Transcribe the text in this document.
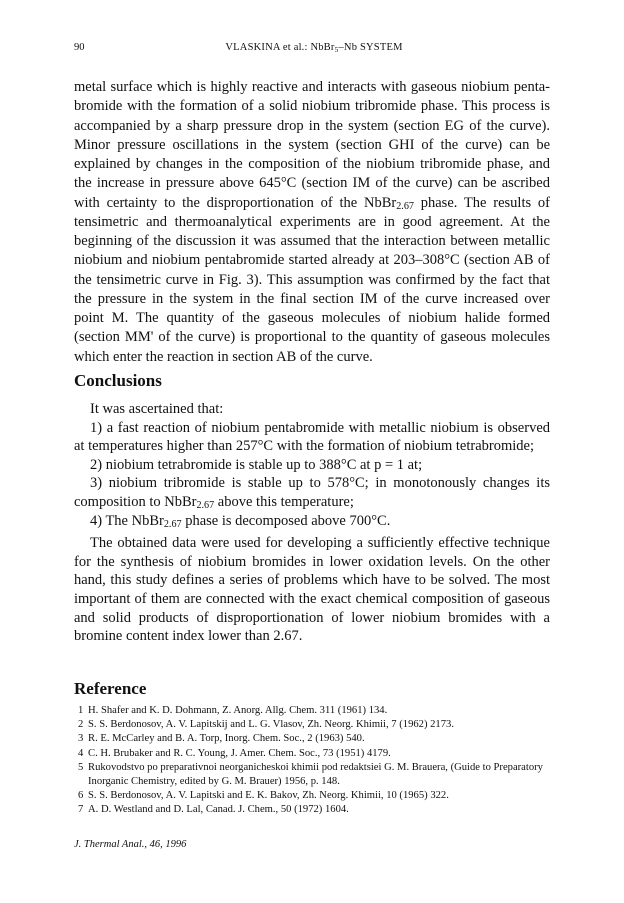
90	VLASKINA et al.: NbBr$_5$–Nb SYSTEM

metal surface which is highly reactive and interacts with gaseous niobium penta-bromide with the formation of a solid niobium tribromide phase. This process is accompanied by a sharp pressure drop in the system (section EG of the curve). Minor pressure oscillations in the system (section GHI of the curve) can be explained by changes in the composition of the niobium tribromide phase, and the increase in pressure above 645°C (section IM of the curve) can be ascribed with certainty to the disproportionation of the NbBr$_{2.67}$ phase. The results of tensimetric and thermoanalytical experiments are in good agreement. At the beginning of the discussion it was assumed that the interaction between metallic niobium and niobium pentabromide started already at 203–308°C (section AB of the tensimetric curve in Fig. 3). This assumption was confirmed by the fact that the pressure in the system in the final section IM of the curve increased over point M. The quantity of the gaseous molecules of niobium halide formed (section MM' of the curve) is proportional to the quantity of gaseous molecules which enter the reaction in section AB of the curve.

Conclusions

It was ascertained that:

1) a fast reaction of niobium pentabromide with metallic niobium is observed at temperatures higher than 257°C with the formation of niobium tetrabromide;

2) niobium tetrabromide is stable up to 388°C at p = 1 at;

3) niobium tribromide is stable up to 578°C; in monotonously changes its composition to NbBr$_{2.67}$ above this temperature;

4) The NbBr$_{2.67}$ phase is decomposed above 700°C.

The obtained data were used for developing a sufficiently effective technique for the synthesis of niobium bromides in lower oxidation levels. On the other hand, this study defines a series of problems which have to be solved. The most important of them are connected with the exact chemical composition of gaseous and solid products of disproportionation of lower niobium bromides with a bromine content index lower than 2.67.

Reference
1 H. Shafer and K. D. Dohmann, Z. Anorg. Allg. Chem. 311 (1961) 134.
2 S. S. Berdonosov, A. V. Lapitskij and L. G. Vlasov, Zh. Neorg. Khimii, 7 (1962) 2173.
3 R. E. McCarley and B. A. Torp, Inorg. Chem. Soc., 2 (1963) 540.
4 C. H. Brubaker and R. C. Young, J. Amer. Chem. Soc., 73 (1951) 4179.
5 Rukovodstvo po preparativnoi neorganicheskoi khimii pod redaktsiei G. M. Brauera, (Guide to Preparatory Inorganic Chemistry, edited by G. M. Brauer) 1956, p. 148.
6 S. S. Berdonosov, A. V. Lapitski and E. K. Bakov, Zh. Neorg. Khimii, 10 (1965) 322.
7 A. D. Westland and D. Lal, Canad. J. Chem., 50 (1972) 1604.
J. Thermal Anal., 46, 1996
